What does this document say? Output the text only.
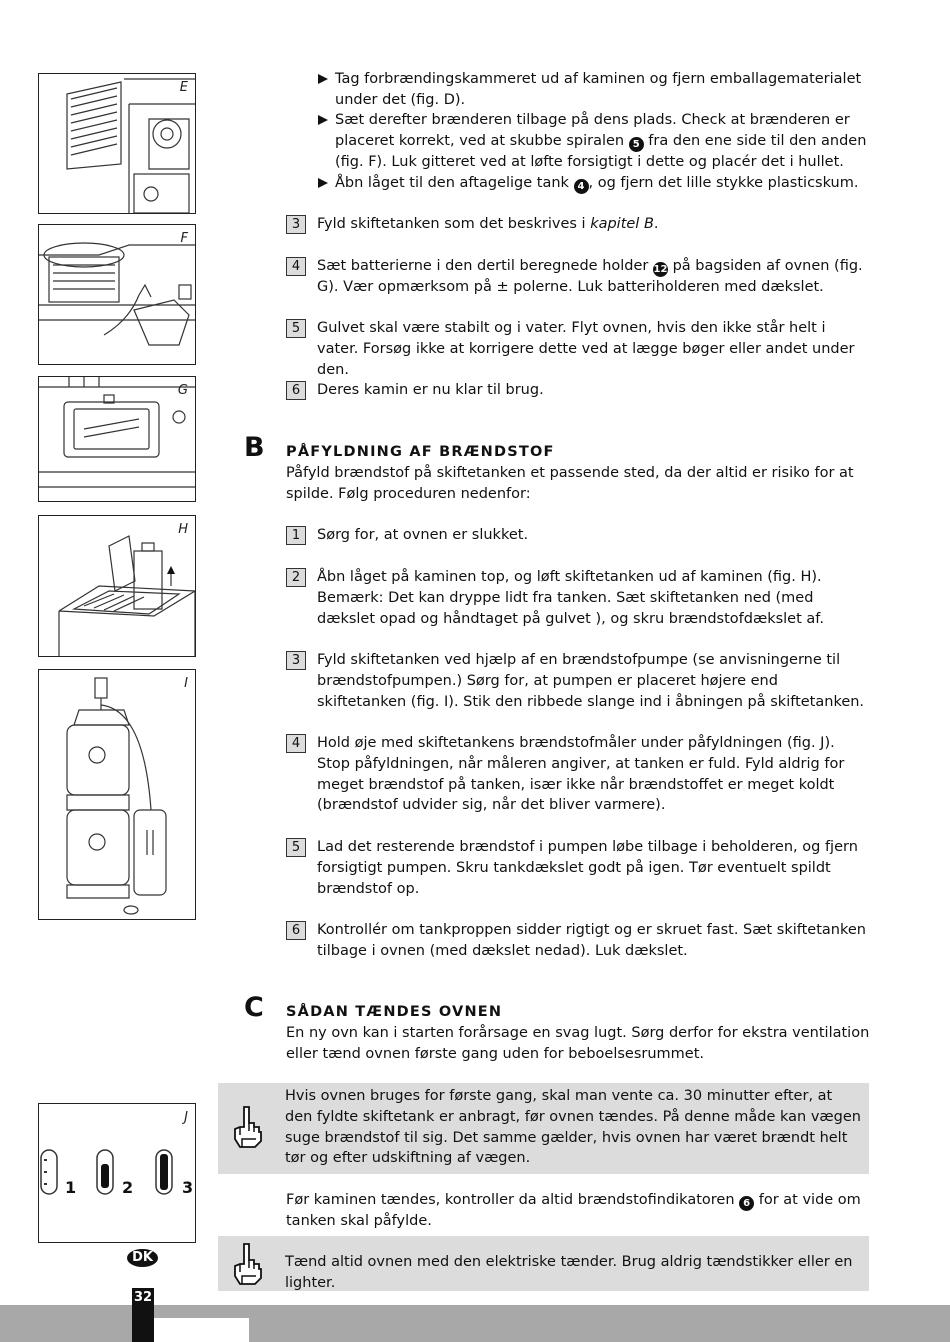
E
F
G
H
I
1	2	3
J
Tag forbrændingskammeret ud af kaminen og fjern emballagematerialet under det (fig. D).
Sæt derefter brænderen tilbage på dens plads. Check at brænderen er placeret korrekt, ved at skubbe spiralen 5 fra den ene side til den anden (fig. F). Luk gitteret ved at løfte forsigtigt i dette og placér det i hullet.
Åbn låget til den aftagelige tank 4 , og fjern det lille stykke plasticskum.
3	Fyld skiftetanken som det beskrives i kapitel B.
4	Sæt batterierne i den dertil beregnede holder 12 på bagsiden af ovnen (fig. G). Vær opmærksom på ± polerne. Luk batteriholderen med dækslet.
5	Gulvet skal være stabilt og i vater. Flyt ovnen, hvis den ikke står helt i vater. Forsøg ikke at korrigere dette ved at lægge bøger eller andet under den.
6	Deres kamin er nu klar til brug.
B PÅFYLDNING AF BRÆNDSTOF
Påfyld brændstof på skiftetanken et passende sted, da der altid er risiko for at spilde. Følg proceduren nedenfor:
1	Sørg for, at ovnen er slukket.
2	Åbn låget på kaminen top, og løft skiftetanken ud af kaminen (fig. H). Bemærk: Det kan dryppe lidt fra tanken. Sæt skiftetanken ned (med dækslet opad og håndtaget på gulvet ), og skru brændstofdækslet af.
3	Fyld skiftetanken ved hjælp af en brændstofpumpe (se anvisningerne til brændstofpumpen.) Sørg for, at pumpen er placeret højere end skiftetanken (fig. I). Stik den ribbede slange ind i åbningen på skiftetanken.
4	Hold øje med skiftetankens brændstofmåler under påfyldningen (fig. J). Stop påfyldningen, når måleren angiver, at tanken er fuld. Fyld aldrig for meget brændstof på tanken, især ikke når brændstoffet er meget koldt (brændstof udvider sig, når det bliver varmere).
5	Lad det resterende brændstof i pumpen løbe tilbage i beholderen, og fjern forsigtigt pumpen. Skru tankdækslet godt på igen. Tør eventuelt spildt brændstof op.
6	Kontrollér om tankproppen sidder rigtigt og er skruet fast. Sæt skiftetanken tilbage i ovnen (med dækslet nedad). Luk dækslet.
C SÅDAN TÆNDES OVNEN
En ny ovn kan i starten forårsage en svag lugt. Sørg derfor for ekstra ventilation eller tænd ovnen første gang uden for beboelsesrummet.
Hvis ovnen bruges for første gang, skal man vente ca. 30 minutter efter, at den fyldte skiftetank er anbragt, før ovnen tændes. På denne måde kan vægen suge brændstof til sig. Det samme gælder, hvis ovnen har været brændt helt tør og efter udskiftning af vægen.
Før kaminen tændes, kontroller da altid brændstofindikatoren 6 for at vide om tanken skal påfylde.
Tænd altid ovnen med den elektriske tænder. Brug aldrig tændstikker eller en lighter.
DK
32
